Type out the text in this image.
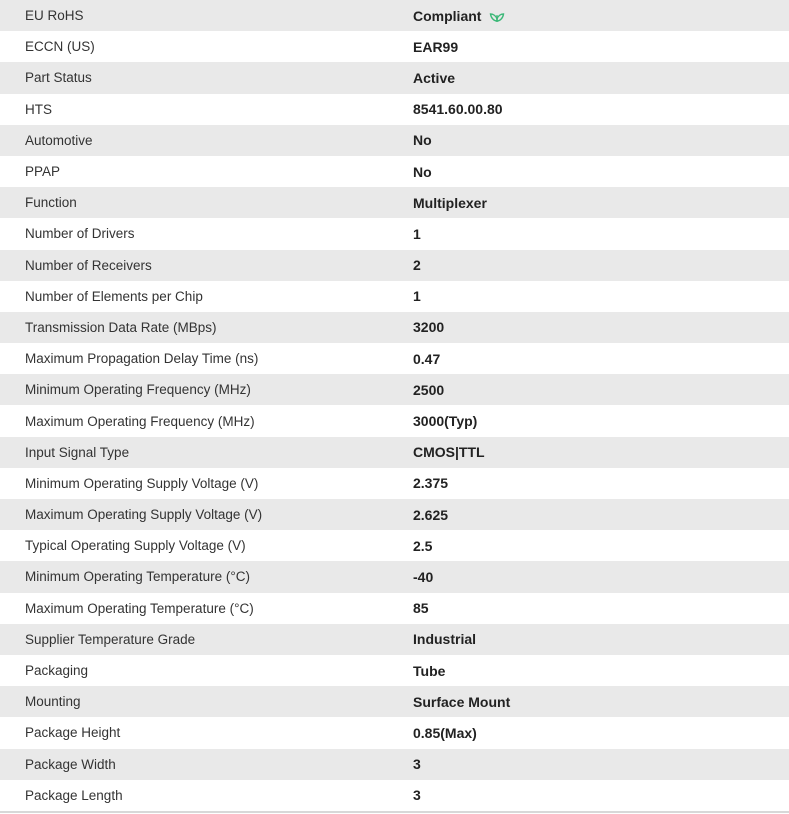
EU RoHS	Compliant
ECCN (US)	EAR99
Part Status	Active
HTS	8541.60.00.80
Automotive	No
PPAP	No
Function	Multiplexer
Number of Drivers	1
Number of Receivers	2
Number of Elements per Chip	1
Transmission Data Rate (MBps)	3200
Maximum Propagation Delay Time (ns)	0.47
Minimum Operating Frequency (MHz)	2500
Maximum Operating Frequency (MHz)	3000(Typ)
Input Signal Type	CMOS|TTL
Minimum Operating Supply Voltage (V)	2.375
Maximum Operating Supply Voltage (V)	2.625
Typical Operating Supply Voltage (V)	2.5
Minimum Operating Temperature (°C)	-40
Maximum Operating Temperature (°C)	85
Supplier Temperature Grade	Industrial
Packaging	Tube
Mounting	Surface Mount
Package Height	0.85(Max)
Package Width	3
Package Length	3
